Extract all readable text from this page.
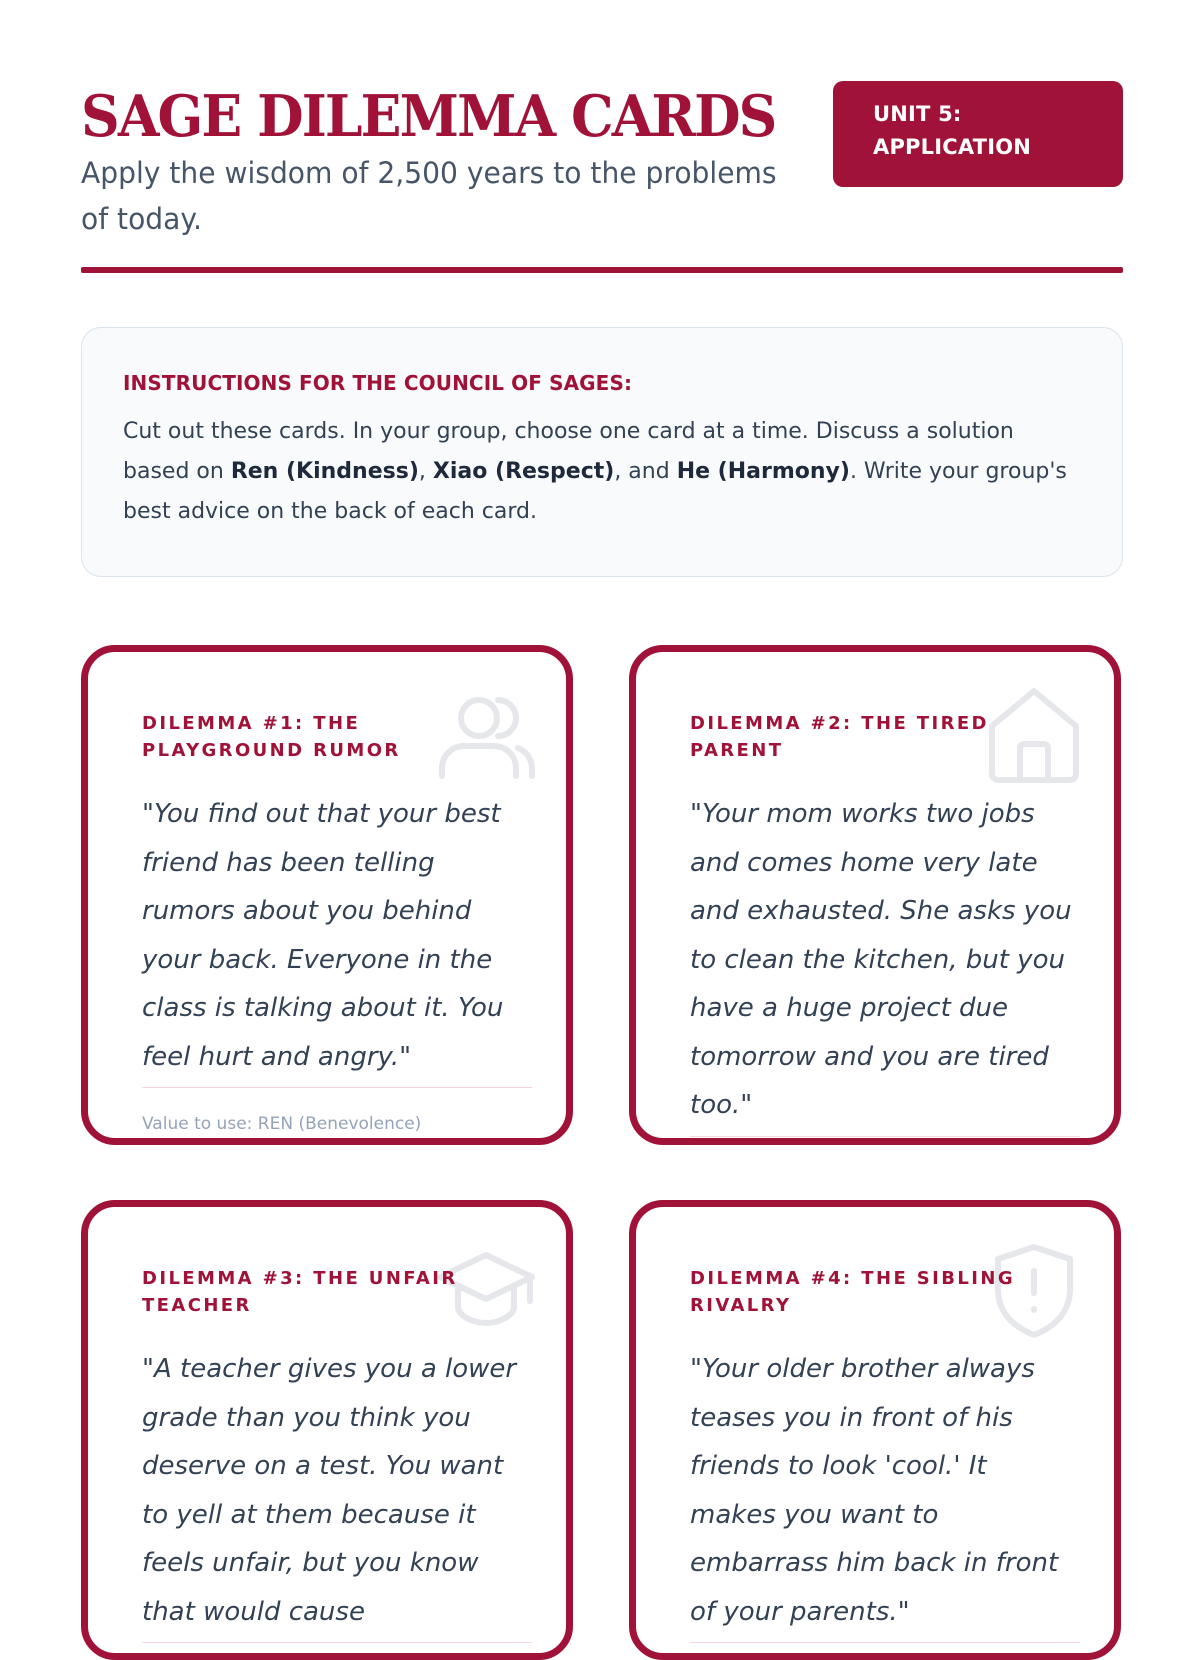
SAGE DILEMMA CARDS

Apply the wisdom of 2,500 years to the problems of today.

UNIT 5:
APPLICATION
INSTRUCTIONS FOR THE COUNCIL OF SAGES:

Cut out these cards. In your group, choose one card at a time. Discuss a solution based on Ren (Kindness), Xiao (Respect), and He (Harmony). Write your group's best advice on the back of each card.

DILEMMA #1: THE PLAYGROUND RUMOR

"You find out that your best friend has been telling rumors about you behind your back. Everyone in the class is talking about it. You feel hurt and angry."

Value to use: REN (Benevolence)

DILEMMA #2: THE TIRED PARENT

"Your mom works two jobs and comes home very late and exhausted. She asks you to clean the kitchen, but you have a huge project due tomorrow and you are tired too."

DILEMMA #3: THE UNFAIR TEACHER

"A teacher gives you a lower grade than you think you deserve on a test. You want to yell at them because it feels unfair, but you know that would cause

DILEMMA #4: THE SIBLING RIVALRY

"Your older brother always teases you in front of his friends to look 'cool.' It makes you want to embarrass him back in front of your parents."
